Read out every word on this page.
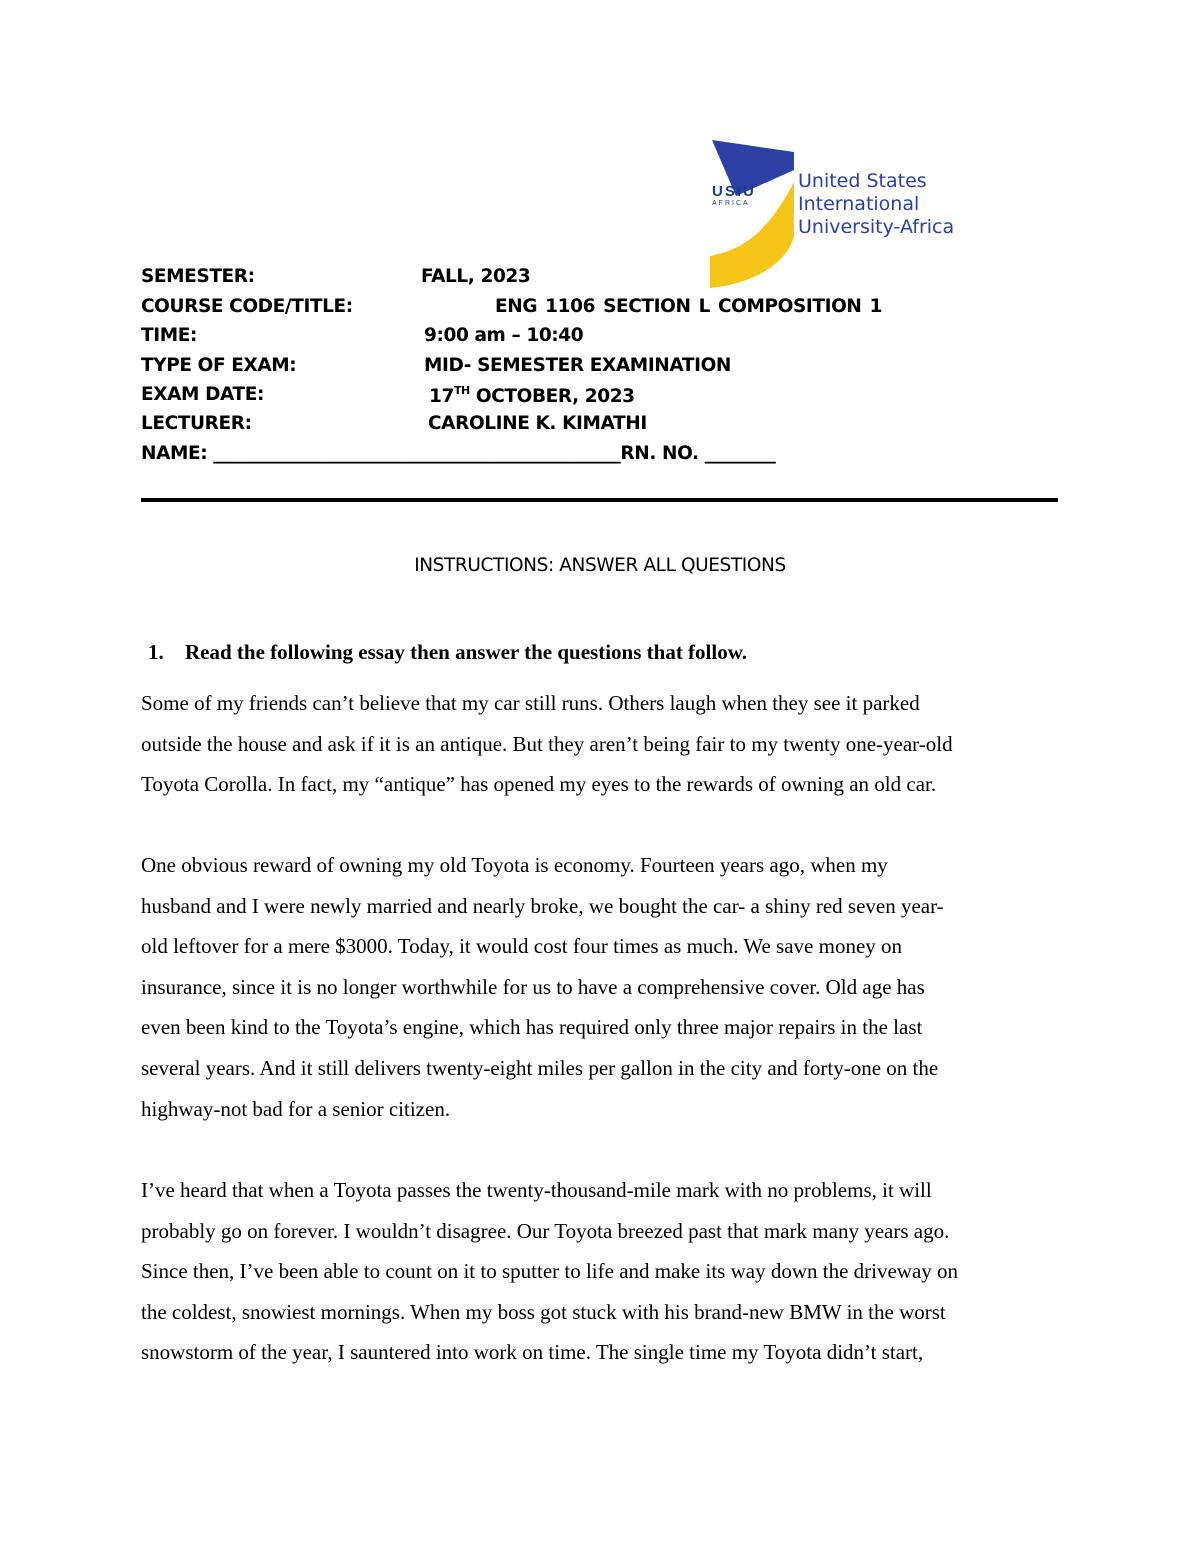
USIU
AFRICA
United States
International
University-Africa
SEMESTER:	FALL, 2023
COURSE CODE/TITLE:	ENG 1106 SECTION L COMPOSITION 1
TIME:	9:00 am – 10:40
TYPE OF EXAM:	MID- SEMESTER EXAMINATION
EXAM DATE:	17TH OCTOBER, 2023
LECTURER:	CAROLINE K. KIMATHI
NAME: ______________________________________________RN. NO. ________
INSTRUCTIONS: ANSWER ALL QUESTIONS
1. Read the following essay then answer the questions that follow.
Some of my friends can’t believe that my car still runs. Others laugh when they see it parked
outside the house and ask if it is an antique. But they aren’t being fair to my twenty one-year-old
Toyota Corolla. In fact, my “antique” has opened my eyes to the rewards of owning an old car.
One obvious reward of owning my old Toyota is economy. Fourteen years ago, when my
husband and I were newly married and nearly broke, we bought the car- a shiny red seven year-
old leftover for a mere $3000. Today, it would cost four times as much. We save money on
insurance, since it is no longer worthwhile for us to have a comprehensive cover. Old age has
even been kind to the Toyota’s engine, which has required only three major repairs in the last
several years. And it still delivers twenty-eight miles per gallon in the city and forty-one on the
highway-not bad for a senior citizen.
I’ve heard that when a Toyota passes the twenty-thousand-mile mark with no problems, it will
probably go on forever. I wouldn’t disagree. Our Toyota breezed past that mark many years ago.
Since then, I’ve been able to count on it to sputter to life and make its way down the driveway on
the coldest, snowiest mornings. When my boss got stuck with his brand-new BMW in the worst
snowstorm of the year, I sauntered into work on time. The single time my Toyota didn’t start,
